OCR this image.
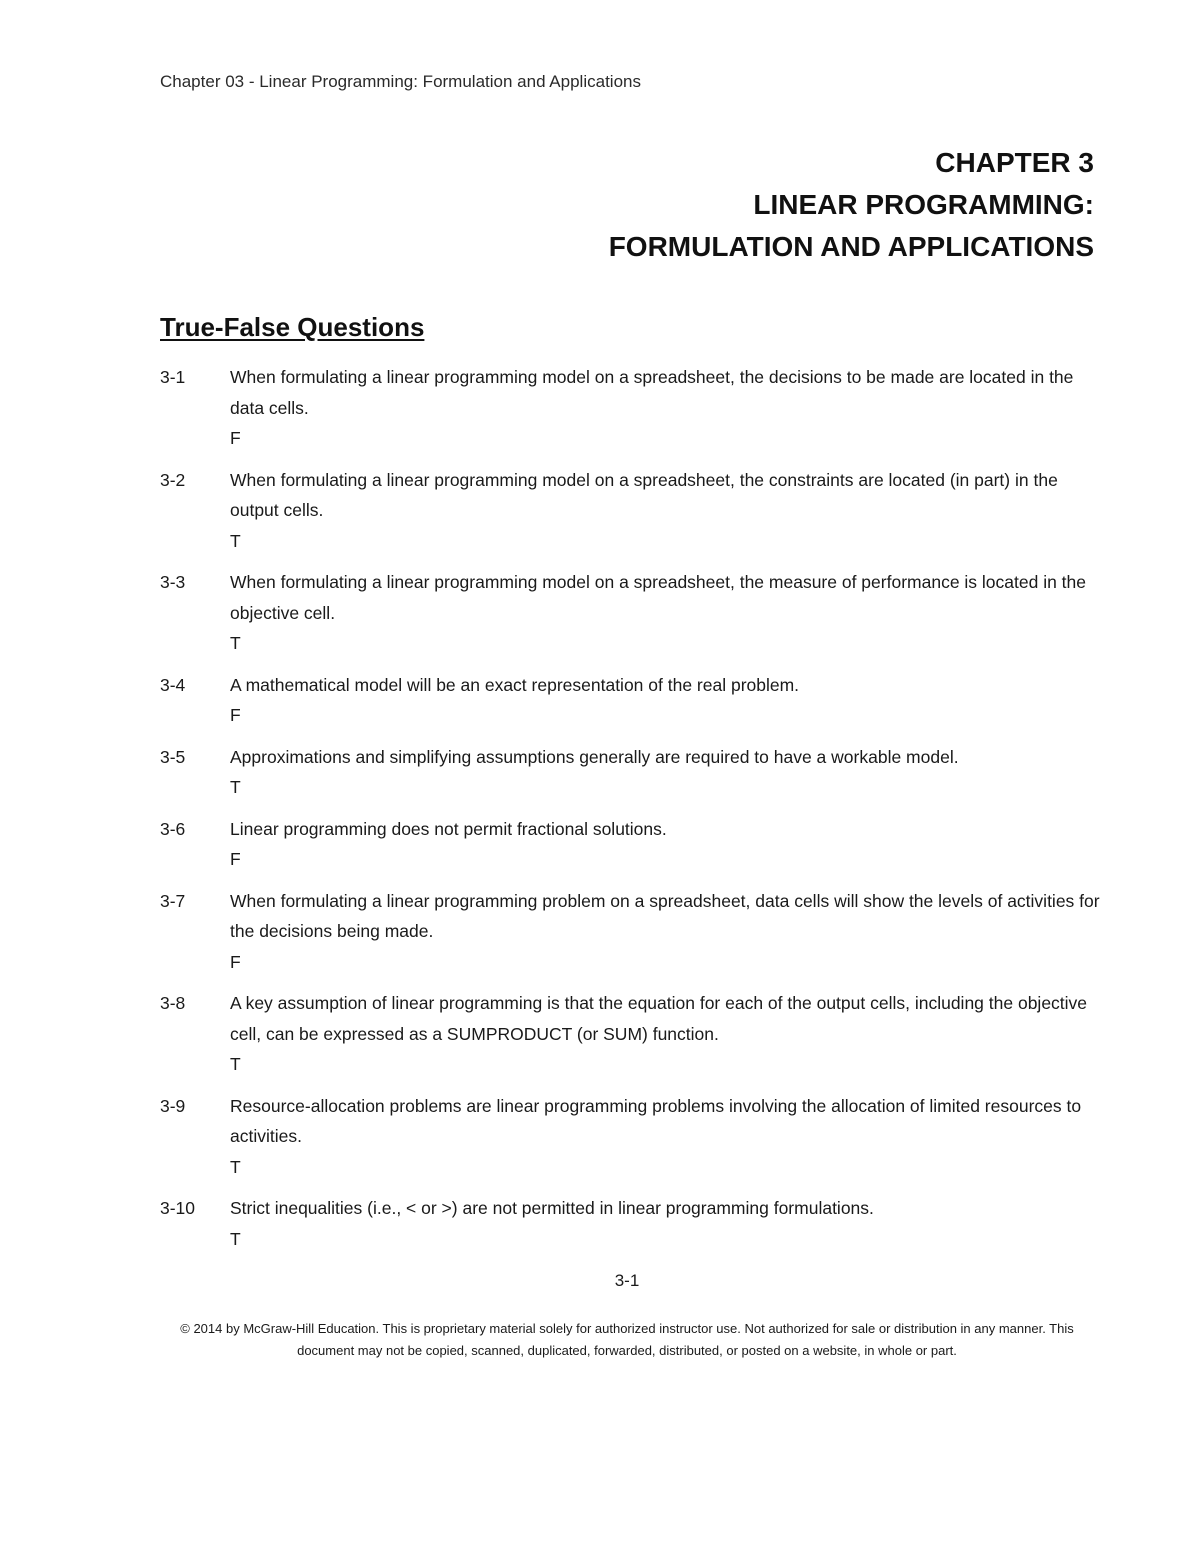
Chapter 03 - Linear Programming: Formulation and Applications
CHAPTER 3
LINEAR PROGRAMMING:
FORMULATION AND APPLICATIONS
True-False Questions
3-1	When formulating a linear programming model on a spreadsheet, the decisions to be made are located in the data cells.
F
3-2	When formulating a linear programming model on a spreadsheet, the constraints are located (in part) in the output cells.
T
3-3	When formulating a linear programming model on a spreadsheet, the measure of performance is located in the objective cell.
T
3-4	A mathematical model will be an exact representation of the real problem.
F
3-5	Approximations and simplifying assumptions generally are required to have a workable model.
T
3-6	Linear programming does not permit fractional solutions.
F
3-7	When formulating a linear programming problem on a spreadsheet, data cells will show the levels of activities for the decisions being made.
F
3-8	A key assumption of linear programming is that the equation for each of the output cells, including the objective cell, can be expressed as a SUMPRODUCT (or SUM) function.
T
3-9	Resource-allocation problems are linear programming problems involving the allocation of limited resources to activities.
T
3-10	Strict inequalities (i.e., < or >) are not permitted in linear programming formulations.
T
3-1
© 2014 by McGraw-Hill Education. This is proprietary material solely for authorized instructor use. Not authorized for sale or distribution in any manner. This document may not be copied, scanned, duplicated, forwarded, distributed, or posted on a website, in whole or part.
